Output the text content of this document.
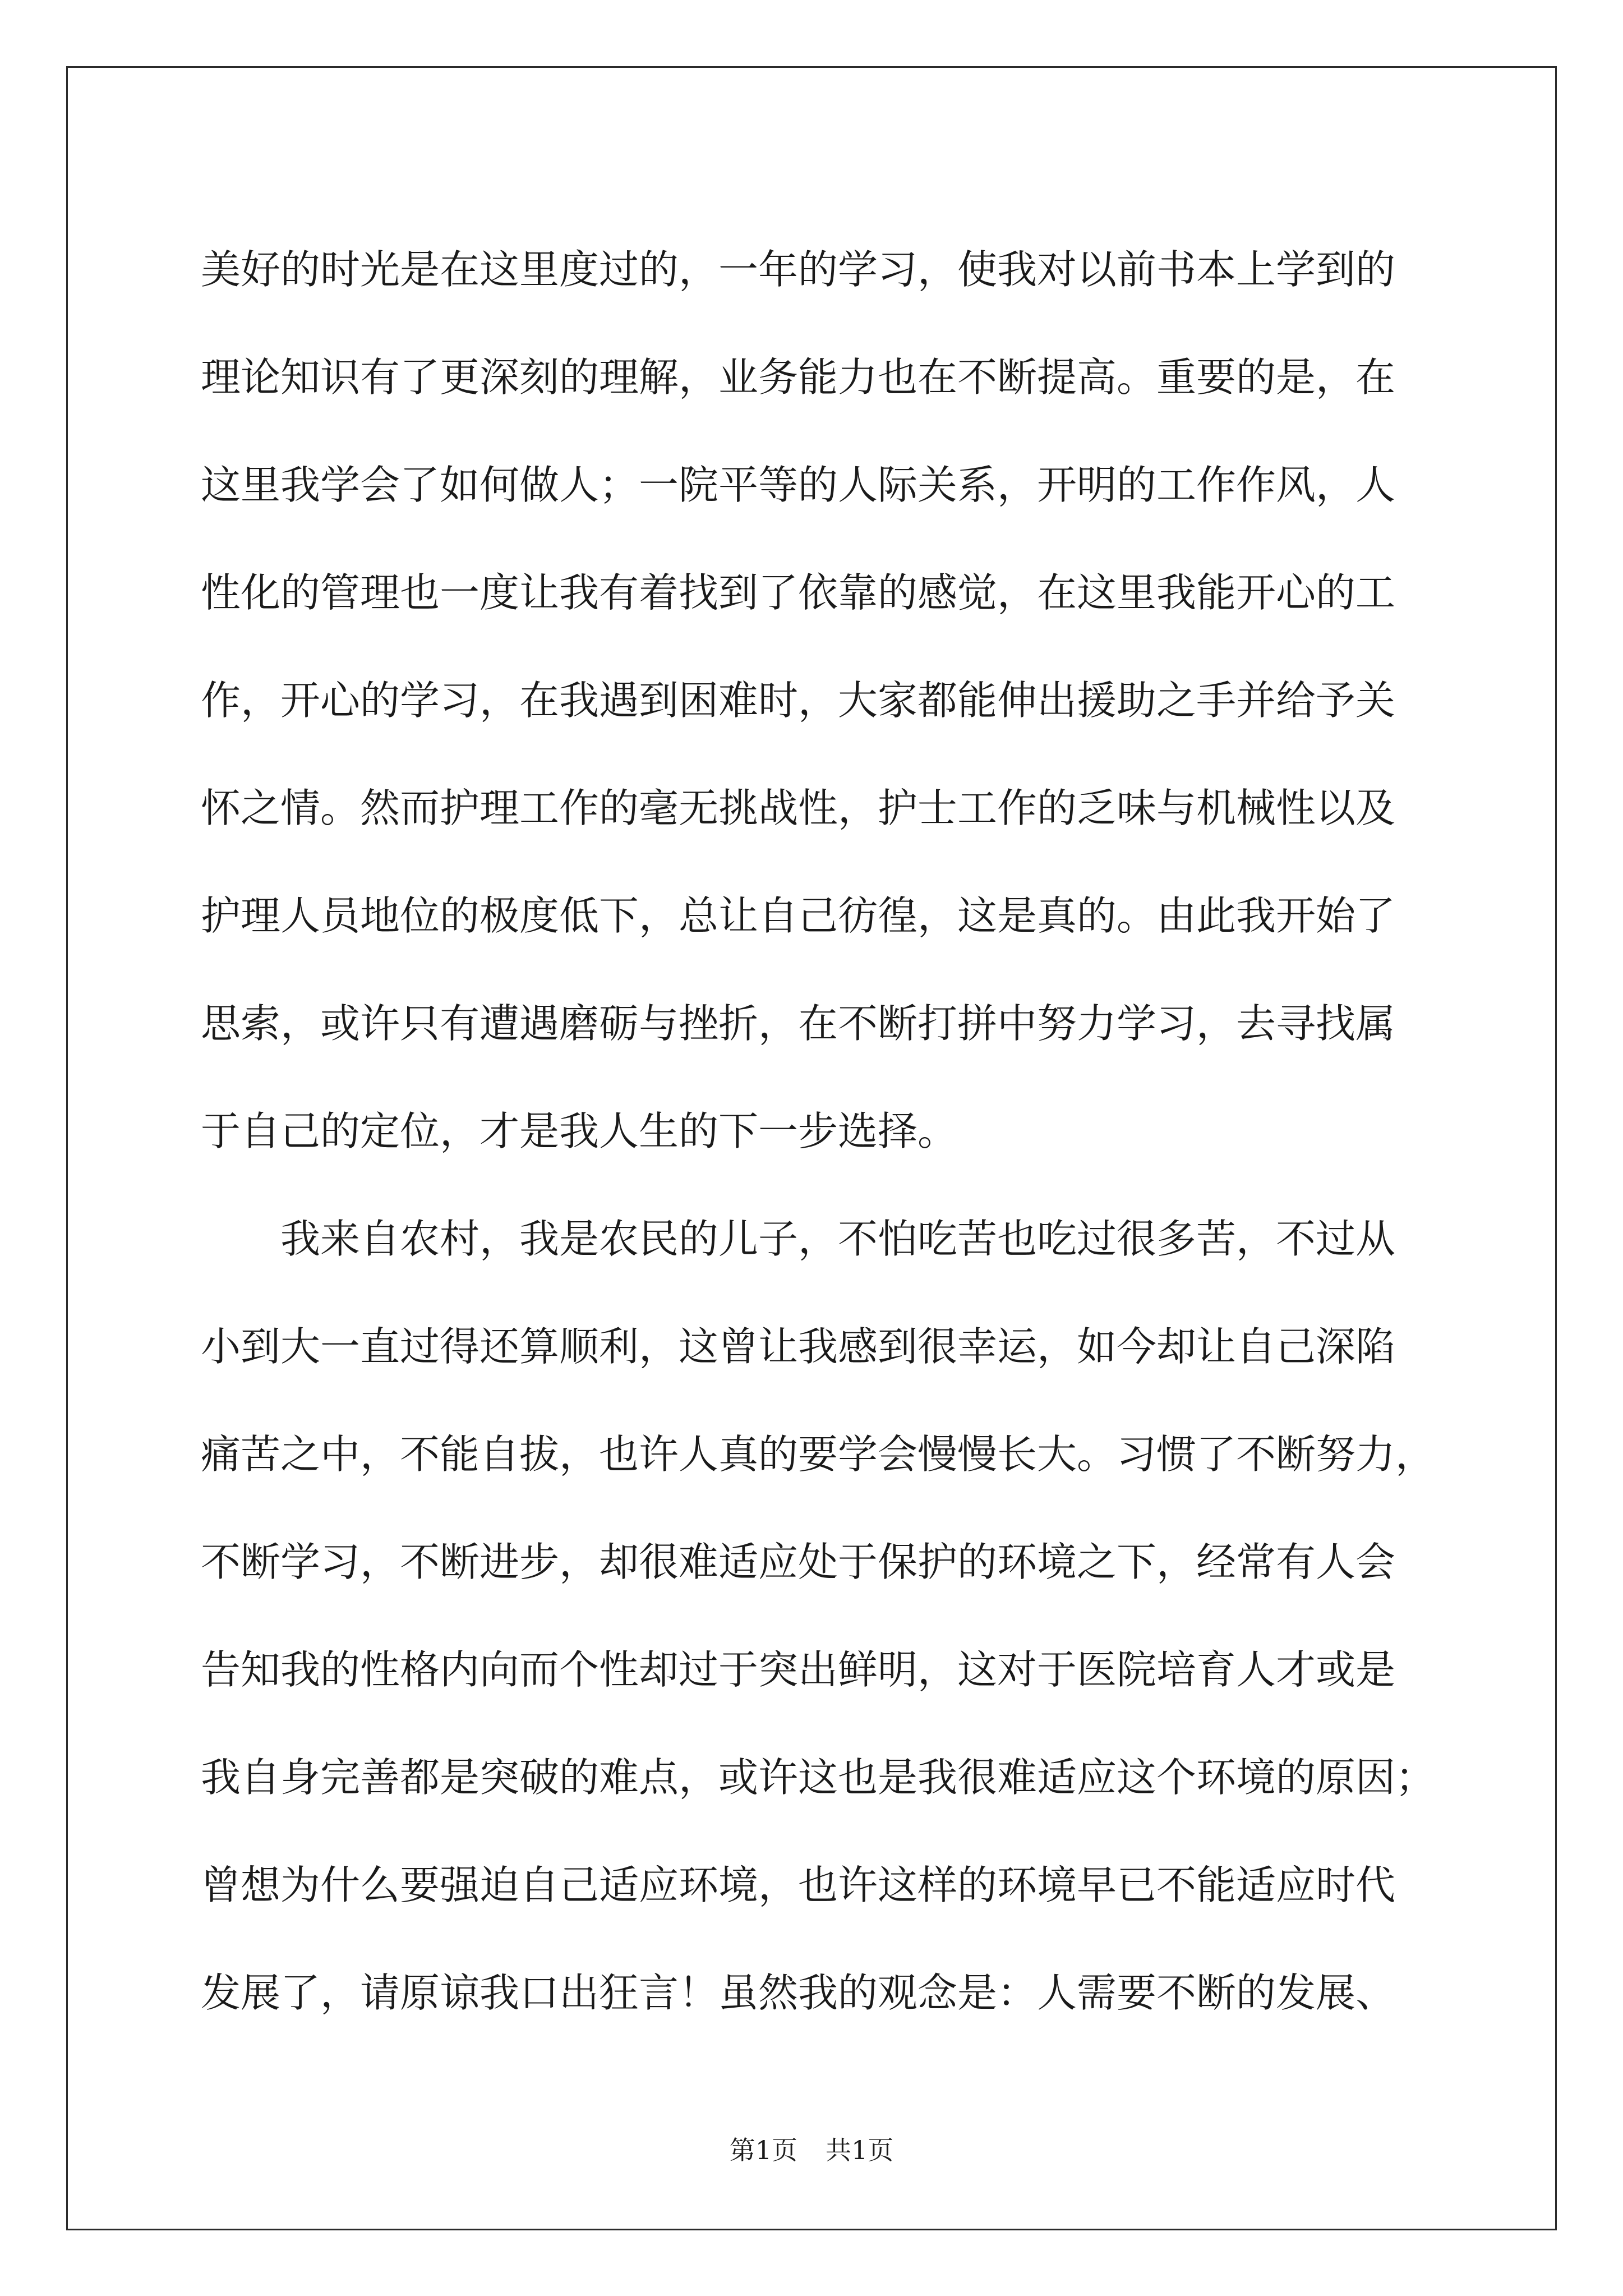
美好的时光是在这里度过的，一年的学习，使我对以前书本上学到的
理论知识有了更深刻的理解，业务能力也在不断提高。重要的是，在
这里我学会了如何做人；一院平等的人际关系，开明的工作作风，人
性化的管理也一度让我有着找到了依靠的感觉，在这里我能开心的工
作，开心的学习，在我遇到困难时，大家都能伸出援助之手并给予关
怀之情。然而护理工作的毫无挑战性，护士工作的乏味与机械性以及
护理人员地位的极度低下，总让自己彷徨，这是真的。由此我开始了
思索，或许只有遭遇磨砺与挫折，在不断打拼中努力学习，去寻找属
于自己的定位，才是我人生的下一步选择。
我来自农村，我是农民的儿子，不怕吃苦也吃过很多苦，不过从
小到大一直过得还算顺利，这曾让我感到很幸运，如今却让自己深陷
痛苦之中，不能自拔，也许人真的要学会慢慢长大。习惯了不断努力，
不断学习，不断进步，却很难适应处于保护的环境之下，经常有人会
告知我的性格内向而个性却过于突出鲜明，这对于医院培育人才或是
我自身完善都是突破的难点，或许这也是我很难适应这个环境的原因；
曾想为什么要强迫自己适应环境，也许这样的环境早已不能适应时代
发展了，请原谅我口出狂言！虽然我的观念是：人需要不断的发展、
第1页 共1页
